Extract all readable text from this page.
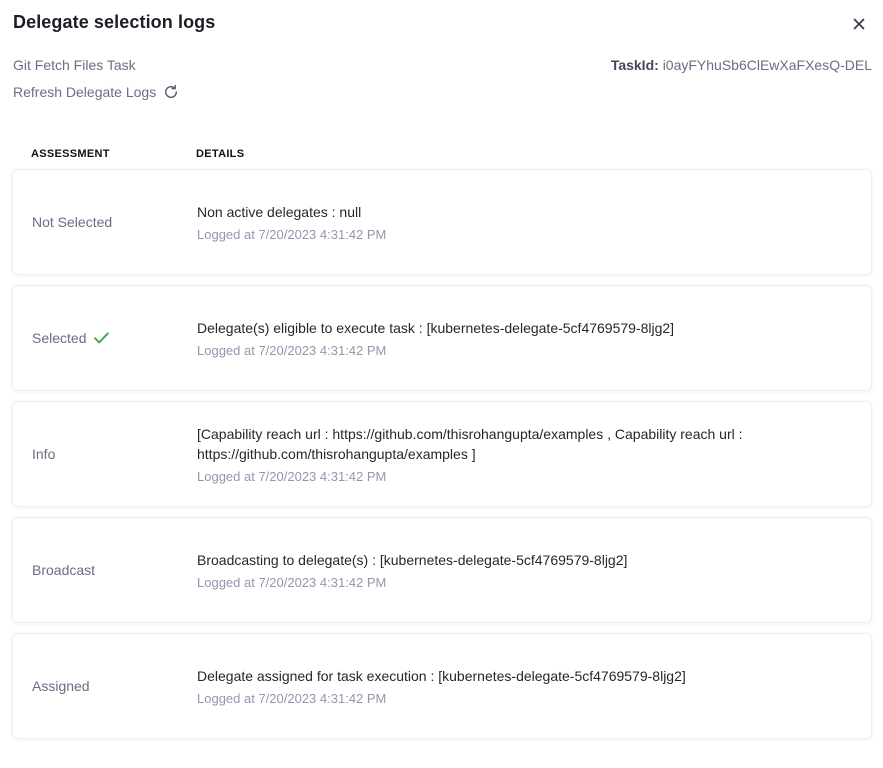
Delegate selection logs
Git Fetch Files Task	TaskId: i0ayFYhuSb6ClEwXaFXesQ-DEL
Refresh Delegate Logs
ASSESSMENT	DETAILS
Not Selected
Non active delegates : null
Logged at 7/20/2023 4:31:42 PM
Selected
Delegate(s) eligible to execute task : [kubernetes-delegate-5cf4769579-8ljg2]
Logged at 7/20/2023 4:31:42 PM
Info
[Capability reach url : https://github.com/thisrohangupta/examples , Capability reach url : https://github.com/thisrohangupta/examples ]
Logged at 7/20/2023 4:31:42 PM
Broadcast
Broadcasting to delegate(s) : [kubernetes-delegate-5cf4769579-8ljg2]
Logged at 7/20/2023 4:31:42 PM
Assigned
Delegate assigned for task execution : [kubernetes-delegate-5cf4769579-8ljg2]
Logged at 7/20/2023 4:31:42 PM
